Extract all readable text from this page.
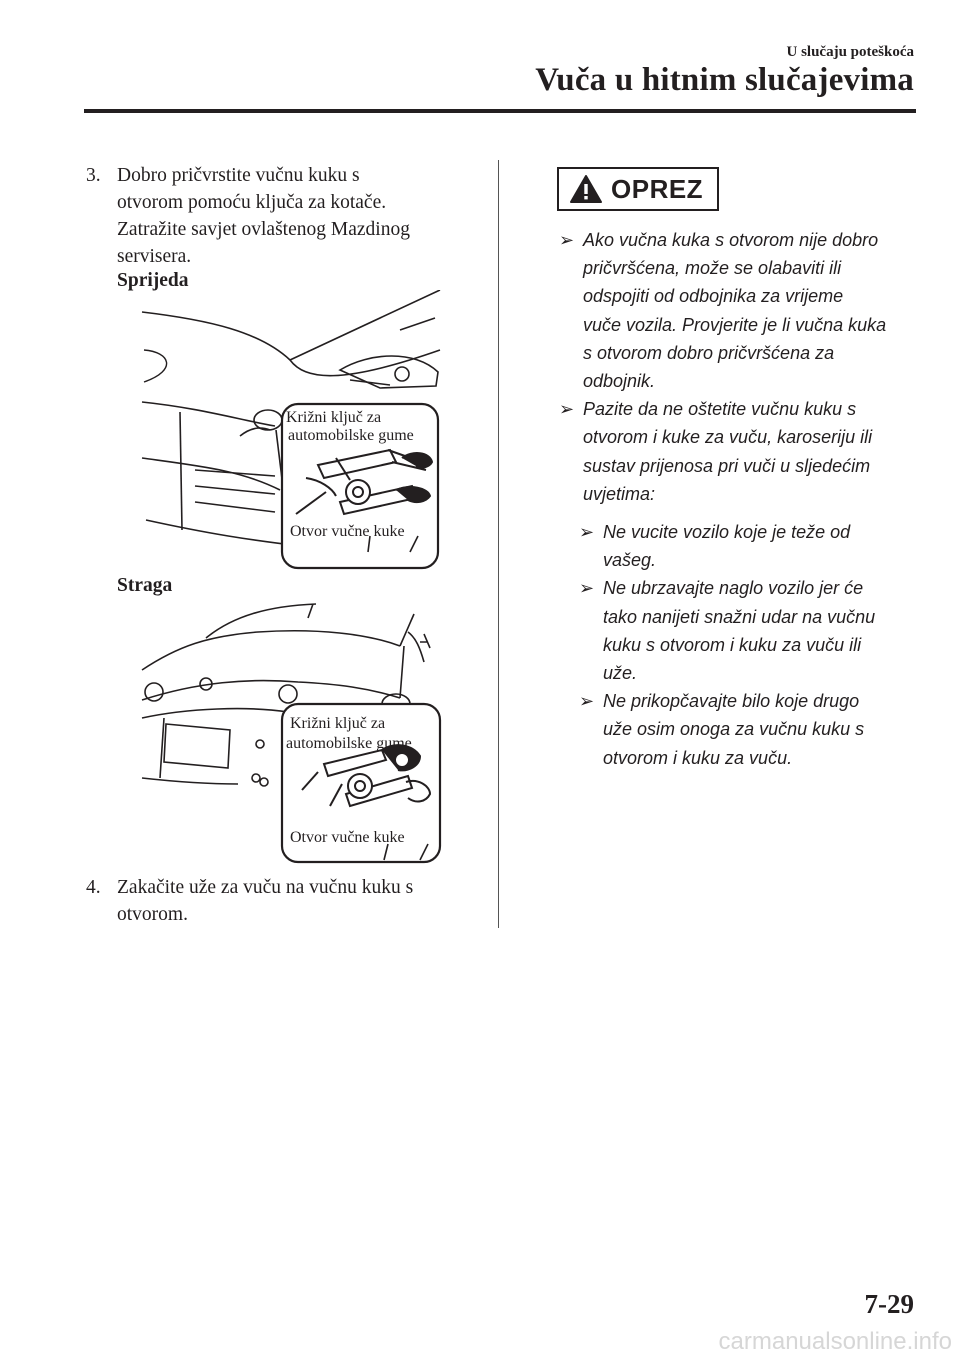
U slučaju poteškoća
Vuča u hitnim slučajevima
3. Dobro pričvrstite vučnu kuku s
otvorom pomoću ključa za kotače.
Zatražite savjet ovlaštenog Mazdinog
servisera.
Sprijeda
Križni ključ za
automobilske gume
Otvor vučne kuke
Straga
Križni ključ za
automobilske gume
Otvor vučne kuke
4. Zakačite uže za vuču na vučnu kuku s
otvorom.
OPREZ
➢ Ako vučna kuka s otvorom nije dobro
pričvršćena, može se olabaviti ili
odspojiti od odbojnika za vrijeme
vuče vozila. Provjerite je li vučna kuka
s otvorom dobro pričvršćena za
odbojnik.
➢ Pazite da ne oštetite vučnu kuku s
otvorom i kuke za vuču, karoseriju ili
sustav prijenosa pri vuči u sljedećim
uvjetima:
➢ Ne vucite vozilo koje je teže od
vašeg.
➢ Ne ubrzavajte naglo vozilo jer će
tako nanijeti snažni udar na vučnu
kuku s otvorom i kuku za vuču ili
uže.
➢ Ne prikopčavajte bilo koje drugo
uže osim onoga za vučnu kuku s
otvorom i kuku za vuču.
7-29
carmanualsonline.info
